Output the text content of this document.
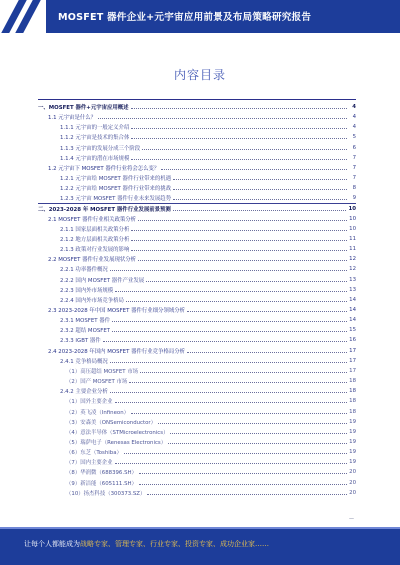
MOSFET 器件企业+元宇宙应用前景及布局策略研究报告
内容目录
一、MOSFET 器件+元宇宙应用概述	4
1.1 元宇宙是什么？	4
1.1.1 元宇宙的一般定义介绍	4
1.1.2 元宇宙是技术的集合体	5
1.1.3 元宇宙的发展分成三个阶段	6
1.1.4 元宇宙的潜在市场规模	7
1.2 元宇宙下 MOSFET 器件行业将会怎么变？	7
1.2.1 元宇宙给 MOSFET 器件行业带来的机遇	7
1.2.2 元宇宙给 MOSFET 器件行业带来的挑战	8
1.2.3 元宇宙 MOSFET 器件行业未来发展趋势	9
二、2023-2028 年 MOSFET 器件行业发展前景预测	10
2.1 MOSFET 器件行业相关政策分析	10
2.1.1 国家层面相关政策分析	10
2.1.2 地方层面相关政策分析	11
2.1.3 政策对行业发展的影响	11
2.2 MOSFET 器件行业发展现状分析	12
2.2.1 功率器件概况	12
2.2.2 国内 MOSFET 器件产业发展	13
2.2.3 国内外市场规模	13
2.2.4 国内外市场竞争格局	14
2.3 2023-2028 年中国 MOSFET 器件行业细分领域分析	14
2.3.1 MOSFET 器件	14
2.3.2 超结 MOSFET	15
2.3.3 IGBT 器件	16
2.4 2023-2028 年国内 MOSFET 器件行业竞争格局分析	17
2.4.1 竞争格局概况	17
（1）高压超结 MOSFET 市场	17
（2）国产 MOSFET 市场	18
2.4.2 主要企业分析	18
（1）国外主要企业	18
（2）英飞凌（Infineon）	18
（3）安森美（ONSemiconductor）	19
（4）意法半导体（STMicroelectronics）	19
（5）瑞萨电子（Renesas Electronics）	19
（6）东芝（Toshiba）	19
（7）国内主要企业	19
（8）华润微（688396.SH）	20
（9）新洁能（605111.SH）	20
（10）扬杰科技（300373.SZ）	20
—
让每个人都能成为战略专家、管理专家、行业专家、投资专家、成功企业家……
